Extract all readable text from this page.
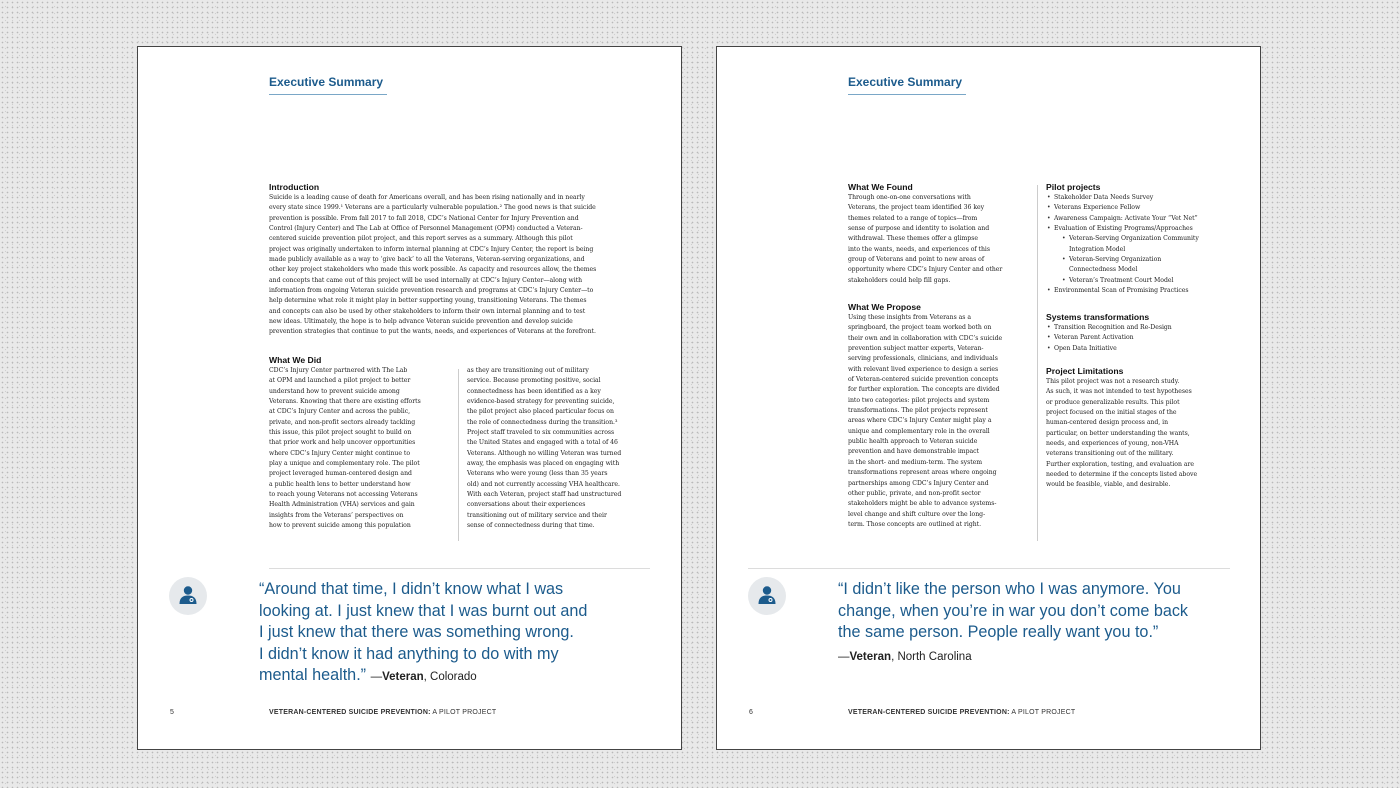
Executive Summary
Introduction
Suicide is a leading cause of death for Americans overall, and has been rising nationally and in nearly
every state since 1999.¹ Veterans are a particularly vulnerable population.² The good news is that suicide
prevention is possible. From fall 2017 to fall 2018, CDC’s National Center for Injury Prevention and
Control (Injury Center) and The Lab at Office of Personnel Management (OPM) conducted a Veteran-
centered suicide prevention pilot project, and this report serves as a summary. Although this pilot
project was originally undertaken to inform internal planning at CDC’s Injury Center, the report is being
made publicly available as a way to ‘give back’ to all the Veterans, Veteran-serving organizations, and
other key project stakeholders who made this work possible. As capacity and resources allow, the themes
and concepts that came out of this project will be used internally at CDC’s Injury Center—along with
information from ongoing Veteran suicide prevention research and programs at CDC’s Injury Center—to
help determine what role it might play in better supporting young, transitioning Veterans. The themes
and concepts can also be used by other stakeholders to inform their own internal planning and to test
new ideas. Ultimately, the hope is to help advance Veteran suicide prevention and develop suicide
prevention strategies that continue to put the wants, needs, and experiences of Veterans at the forefront.
What We Did
CDC’s Injury Center partnered with The Lab
at OPM and launched a pilot project to better
understand how to prevent suicide among
Veterans. Knowing that there are existing efforts
at CDC’s Injury Center and across the public,
private, and non-profit sectors already tackling
this issue, this pilot project sought to build on
that prior work and help uncover opportunities
where CDC’s Injury Center might continue to
play a unique and complementary role. The pilot
project leveraged human-centered design and
a public health lens to better understand how
to reach young Veterans not accessing Veterans
Health Administration (VHA) services and gain
insights from the Veterans’ perspectives on
how to prevent suicide among this population
as they are transitioning out of military
service. Because promoting positive, social
connectedness has been identified as a key
evidence-based strategy for preventing suicide,
the pilot project also placed particular focus on
the role of connectedness during the transition.³
Project staff traveled to six communities across
the United States and engaged with a total of 46
Veterans. Although no willing Veteran was turned
away, the emphasis was placed on engaging with
Veterans who were young (less than 35 years
old) and not currently accessing VHA healthcare.
With each Veteran, project staff had unstructured
conversations about their experiences
transitioning out of military service and their
sense of connectedness during that time.
“Around that time, I didn’t know what I was
looking at. I just knew that I was burnt out and
I just knew that there was something wrong.
I didn’t know it had anything to do with my
mental health.” —Veteran, Colorado
5	VETERAN-CENTERED SUICIDE PREVENTION: A PILOT PROJECT
Executive Summary
What We Found
Through one-on-one conversations with
Veterans, the project team identified 36 key
themes related to a range of topics—from
sense of purpose and identity to isolation and
withdrawal. These themes offer a glimpse
into the wants, needs, and experiences of this
group of Veterans and point to new areas of
opportunity where CDC’s Injury Center and other
stakeholders could help fill gaps.
What We Propose
Using these insights from Veterans as a
springboard, the project team worked both on
their own and in collaboration with CDC’s suicide
prevention subject matter experts, Veteran-
serving professionals, clinicians, and individuals
with relevant lived experience to design a series
of Veteran-centered suicide prevention concepts
for further exploration. The concepts are divided
into two categories: pilot projects and system
transformations. The pilot projects represent
areas where CDC’s Injury Center might play a
unique and complementary role in the overall
public health approach to Veteran suicide
prevention and have demonstrable impact
in the short- and medium-term. The system
transformations represent areas where ongoing
partnerships among CDC’s Injury Center and
other public, private, and non-profit sector
stakeholders might be able to advance systems-
level change and shift culture over the long-
term. Those concepts are outlined at right.
Pilot projects
• Stakeholder Data Needs Survey
• Veterans Experience Fellow
• Awareness Campaign: Activate Your “Vet Net”
• Evaluation of Existing Programs/Approaches
• Veteran-Serving Organization Community
Integration Model
• Veteran-Serving Organization
Connectedness Model
• Veteran’s Treatment Court Model
• Environmental Scan of Promising Practices
Systems transformations
• Transition Recognition and Re-Design
• Veteran Parent Activation
• Open Data Initiative
Project Limitations
This pilot project was not a research study.
As such, it was not intended to test hypotheses
or produce generalizable results. This pilot
project focused on the initial stages of the
human-centered design process and, in
particular, on better understanding the wants,
needs, and experiences of young, non-VHA
veterans transitioning out of the military.
Further exploration, testing, and evaluation are
needed to determine if the concepts listed above
would be feasible, viable, and desirable.
“I didn’t like the person who I was anymore. You
change, when you’re in war you don’t come back
the same person. People really want you to.”
—Veteran, North Carolina
6	VETERAN-CENTERED SUICIDE PREVENTION: A PILOT PROJECT
